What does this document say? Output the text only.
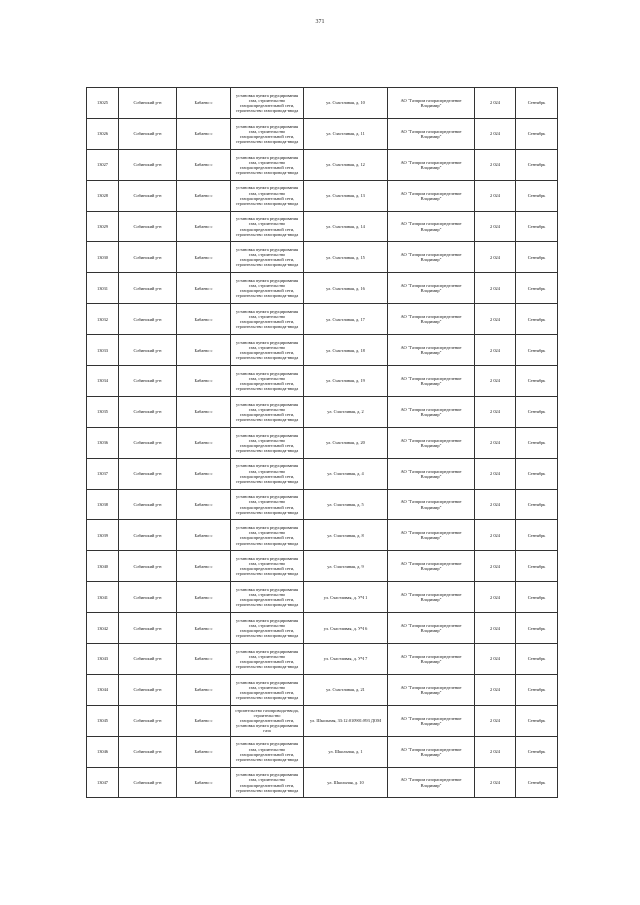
371
13025	Собинский р-н	Бабаево с	установка пункта редуцирования газа, строительство газораспределительной сети, строительство газопровода-ввода	ул. Счастливая, д. 10	АО "Газпром газораспределение Владимир"	2 024	Сентябрь
13026	Собинский р-н	Бабаево с	установка пункта редуцирования газа, строительство газораспределительной сети, строительство газопровода-ввода	ул. Счастливая, д. 11	АО "Газпром газораспределение Владимир"	2 024	Сентябрь
13027	Собинский р-н	Бабаево с	установка пункта редуцирования газа, строительство газораспределительной сети, строительство газопровода-ввода	ул. Счастливая, д. 12	АО "Газпром газораспределение Владимир"	2 024	Сентябрь
13028	Собинский р-н	Бабаево с	установка пункта редуцирования газа, строительство газораспределительной сети, строительство газопровода-ввода	ул. Счастливая, д. 13	АО "Газпром газораспределение Владимир"	2 024	Сентябрь
13029	Собинский р-н	Бабаево с	установка пункта редуцирования газа, строительство газораспределительной сети, строительство газопровода-ввода	ул. Счастливая, д. 14	АО "Газпром газораспределение Владимир"	2 024	Сентябрь
13030	Собинский р-н	Бабаево с	установка пункта редуцирования газа, строительство газораспределительной сети, строительство газопровода-ввода	ул. Счастливая, д. 15	АО "Газпром газораспределение Владимир"	2 024	Сентябрь
13031	Собинский р-н	Бабаево с	установка пункта редуцирования газа, строительство газораспределительной сети, строительство газопровода-ввода	ул. Счастливая, д. 16	АО "Газпром газораспределение Владимир"	2 024	Сентябрь
13032	Собинский р-н	Бабаево с	установка пункта редуцирования газа, строительство газораспределительной сети, строительство газопровода-ввода	ул. Счастливая, д. 17	АО "Газпром газораспределение Владимир"	2 024	Сентябрь
13033	Собинский р-н	Бабаево с	установка пункта редуцирования газа, строительство газораспределительной сети, строительство газопровода-ввода	ул. Счастливая, д. 18	АО "Газпром газораспределение Владимир"	2 024	Сентябрь
13034	Собинский р-н	Бабаево с	установка пункта редуцирования газа, строительство газораспределительной сети, строительство газопровода-ввода	ул. Счастливая, д. 19	АО "Газпром газораспределение Владимир"	2 024	Сентябрь
13035	Собинский р-н	Бабаево с	установка пункта редуцирования газа, строительство газораспределительной сети, строительство газопровода-ввода	ул. Счастливая, д. 2	АО "Газпром газораспределение Владимир"	2 024	Сентябрь
13036	Собинский р-н	Бабаево с	установка пункта редуцирования газа, строительство газораспределительной сети, строительство газопровода-ввода	ул. Счастливая, д. 20	АО "Газпром газораспределение Владимир"	2 024	Сентябрь
13037	Собинский р-н	Бабаево с	установка пункта редуцирования газа, строительство газораспределительной сети, строительство газопровода-ввода	ул. Счастливая, д. 4	АО "Газпром газораспределение Владимир"	2 024	Сентябрь
13038	Собинский р-н	Бабаево с	установка пункта редуцирования газа, строительство газораспределительной сети, строительство газопровода-ввода	ул. Счастливая, д. 5	АО "Газпром газораспределение Владимир"	2 024	Сентябрь
13039	Собинский р-н	Бабаево с	установка пункта редуцирования газа, строительство газораспределительной сети, строительство газопровода-ввода	ул. Счастливая, д. 8	АО "Газпром газораспределение Владимир"	2 024	Сентябрь
13040	Собинский р-н	Бабаево с	установка пункта редуцирования газа, строительство газораспределительной сети, строительство газопровода-ввода	ул. Счастливая, д. 9	АО "Газпром газораспределение Владимир"	2 024	Сентябрь
13041	Собинский р-н	Бабаево с	установка пункта редуцирования газа, строительство газораспределительной сети, строительство газопровода-ввода	ул. Счастливая, д. УЧ 1	АО "Газпром газораспределение Владимир"	2 024	Сентябрь
13042	Собинский р-н	Бабаево с	установка пункта редуцирования газа, строительство газораспределительной сети, строительство газопровода-ввода	ул. Счастливая, д. УЧ 6	АО "Газпром газораспределение Владимир"	2 024	Сентябрь
13043	Собинский р-н	Бабаево с	установка пункта редуцирования газа, строительство газораспределительной сети, строительство газопровода-ввода	ул. Счастливая, д. УЧ 7	АО "Газпром газораспределение Владимир"	2 024	Сентябрь
13044	Собинский р-н	Бабаево с	установка пункта редуцирования газа, строительство газораспределительной сети, строительство газопровода-ввода	ул. Счастливая, д. 21	АО "Газпром газораспределение Владимир"	2 024	Сентябрь
13045	Собинский р-н	Бабаево с	строительство газопровода-ввода, строительство газораспределительной сети, установка пункта редуцирования газа	ул. Школьная, 33:12:010901:893 ДОМ	АО "Газпром газораспределение Владимир"	2 024	Сентябрь
13046	Собинский р-н	Бабаево с	установка пункта редуцирования газа, строительство газораспределительной сети, строительство газопровода-ввода	ул. Школьная, д. 1	АО "Газпром газораспределение Владимир"	2 024	Сентябрь
13047	Собинский р-н	Бабаево с	установка пункта редуцирования газа, строительство газораспределительной сети, строительство газопровода-ввода	ул. Школьная, д. 10	АО "Газпром газораспределение Владимир"	2 024	Сентябрь
